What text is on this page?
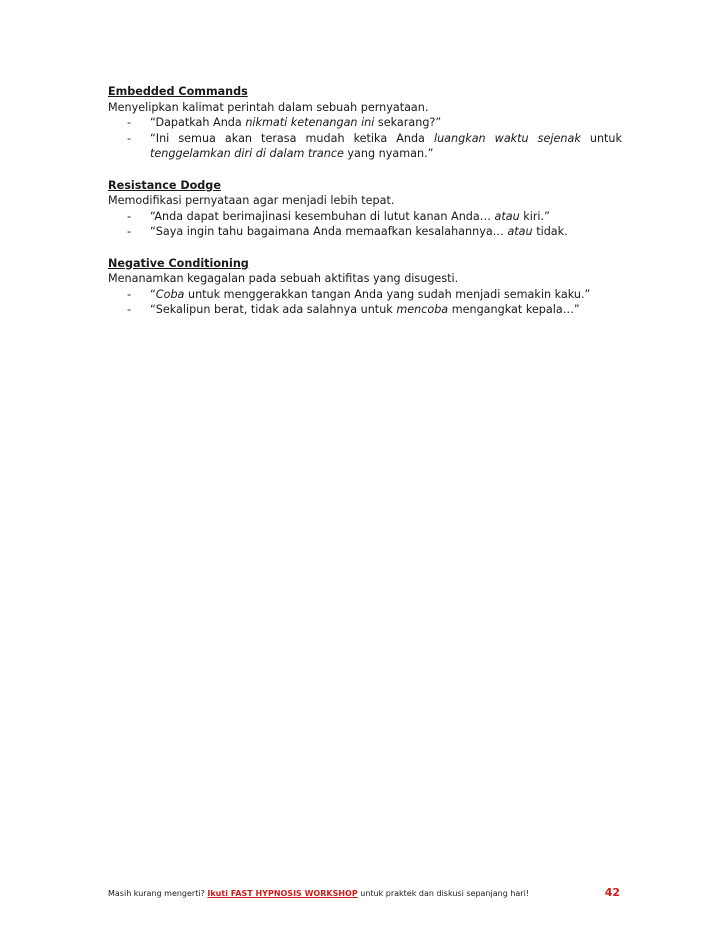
Embedded Commands
Menyelipkan kalimat perintah dalam sebuah pernyataan.
-	“Dapatkah Anda nikmati ketenangan ini sekarang?”
-	“Ini semua akan terasa mudah ketika Anda luangkan waktu sejenak untuk tenggelamkan diri di dalam trance yang nyaman.”
Resistance Dodge
Memodifikasi pernyataan agar menjadi lebih tepat.
-	“Anda dapat berimajinasi kesembuhan di lutut kanan Anda… atau kiri.”
-	“Saya ingin tahu bagaimana Anda memaafkan kesalahannya… atau tidak.
Negative Conditioning
Menanamkan kegagalan pada sebuah aktifitas yang disugesti.
-	“Coba untuk menggerakkan tangan Anda yang sudah menjadi semakin kaku.”
-	“Sekalipun berat, tidak ada salahnya untuk mencoba mengangkat kepala…”
Masih kurang mengerti? Ikuti FAST HYPNOSIS WORKSHOP untuk praktek dan diskusi sepanjang hari!	42
